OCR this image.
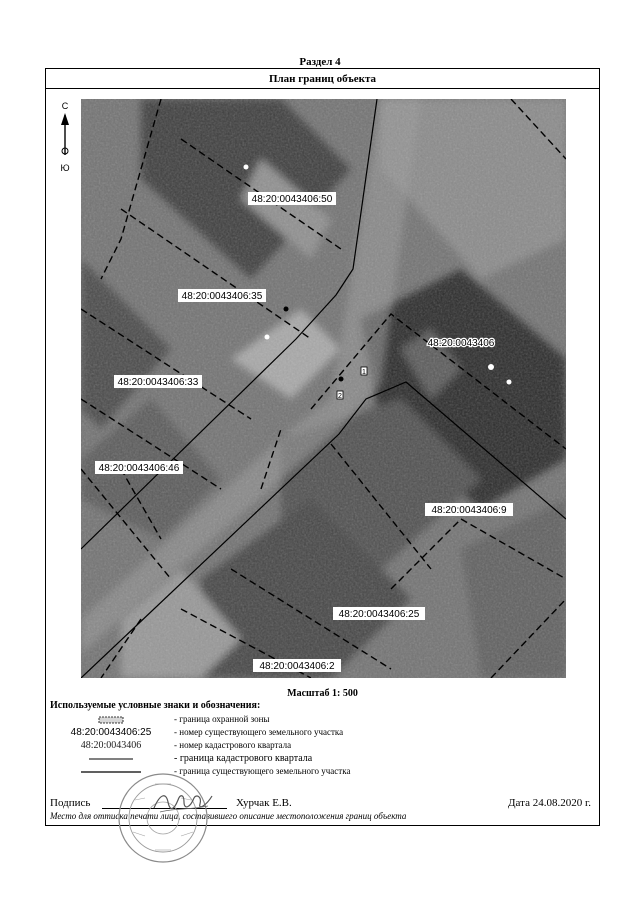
Раздел 4
План границ объекта
С
Ю
1
2
48:20:0043406:50
48:20:0043406:35
48:20:0043406:33
48:20:0043406:46
48:20:0043406:9
48:20:0043406:25
48:20:0043406
48:20:0043406:2
Масштаб 1: 500
Используемые условные знаки и обозначения:
- граница охранной зоны
48:20:0043406:25	- номер существующего земельного участка
48:20:0043406	- номер кадастрового квартала
- граница кадастрового квартала
- граница существующего земельного участка
Подпись	Хурчак Е.В.	Дата 24.08.2020 г.
Место для оттиска печати лица, составившего описание местоположения границ объекта
